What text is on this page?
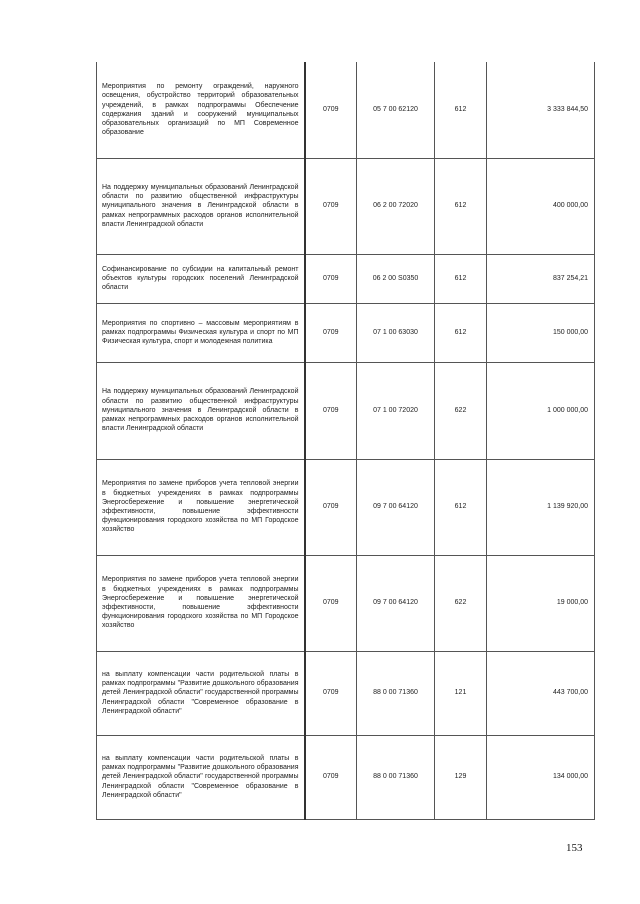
Мероприятия по ремонту ограждений, наружного освещения, обустройство территорий образовательных учреждений, в рамках подпрограммы Обеспечение содержания зданий и сооружений муниципальных образовательных организаций по МП Современное образование	0709	05 7 00 62120	612	3 333 844,50
На поддержку муниципальных образований Ленинградской области по развитию общественной инфраструктуры муниципального значения в Ленинградской области в рамках непрограммных расходов органов исполнительной власти Ленинградской области	0709	06 2 00 72020	612	400 000,00
Софинансирование по субсидии на капитальный ремонт объектов культуры городских поселений Ленинградской области	0709	06 2 00 S0350	612	837 254,21
Мероприятия по спортивно – массовым мероприятиям в рамках подпрограммы Физическая культура и спорт по МП Физическая культура, спорт и молодежная политика	0709	07 1 00 63030	612	150 000,00
На поддержку муниципальных образований Ленинградской области по развитию общественной инфраструктуры муниципального значения в Ленинградской области в рамках непрограммных расходов органов исполнительной власти Ленинградской области	0709	07 1 00 72020	622	1 000 000,00
Мероприятия по замене приборов учета тепловой энергии в бюджетных учреждениях в рамках подпрограммы Энергосбережение и повышение энергетической эффективности, повышение эффективности функционирования городского хозяйства по МП Городское хозяйство	0709	09 7 00 64120	612	1 139 920,00
Мероприятия по замене приборов учета тепловой энергии в бюджетных учреждениях в рамках подпрограммы Энергосбережение и повышение энергетической эффективности, повышение эффективности функционирования городского хозяйства по МП Городское хозяйство	0709	09 7 00 64120	622	19 000,00
на выплату компенсации части родительской платы в рамках подпрограммы "Развитие дошкольного образования детей Ленинградской области" государственной программы Ленинградской области "Современное образование в Ленинградской области"	0709	88 0 00 71360	121	443 700,00
на выплату компенсации части родительской платы в рамках подпрограммы "Развитие дошкольного образования детей Ленинградской области" государственной программы Ленинградской области "Современное образование в Ленинградской области"	0709	88 0 00 71360	129	134 000,00
153
